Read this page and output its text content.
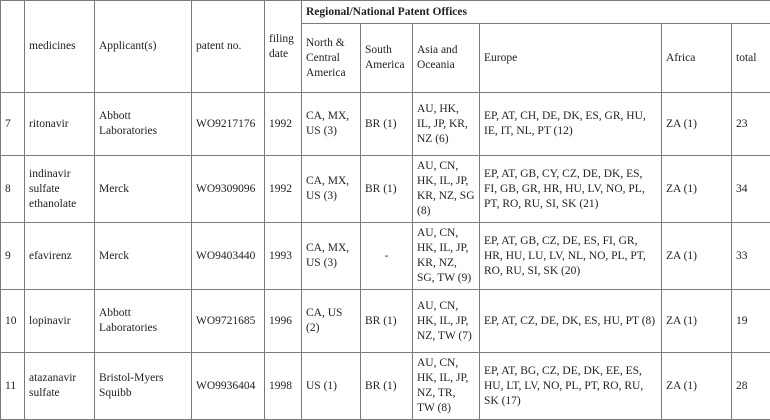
	medicines	Applicant(s)	patent no.	filing date	Regional/National Patent Offices					
					North & Central America	South America	Asia and Oceania	Europe	Africa	total
7	ritonavir	Abbott Laboratories	WO9217176	1992	CA, MX, US (3)	BR (1)	AU, HK, IL, JP, KR, NZ (6)	EP, AT, CH, DE, DK, ES, GR, HU, IE, IT, NL, PT (12)	ZA (1)	23
8	indinavir sulfate ethanolate	Merck	WO9309096	1992	CA, MX, US (3)	BR (1)	AU, CN, HK, IL, JP, KR, NZ, SG (8)	EP, AT, GB, CY, CZ, DE, DK, ES, FI, GB, GR, HR, HU, LV, NO, PL, PT, RO, RU, SI, SK (21)	ZA (1)	34
9	efavirenz	Merck	WO9403440	1993	CA, MX, US (3)	-	AU, CN, HK, IL, JP, KR, NZ, SG, TW (9)	EP, AT, GB, CZ, DE, ES, FI, GR, HR, HU, LU, LV, NL, NO, PL, PT, RO, RU, SI, SK (20)	ZA (1)	33
10	lopinavir	Abbott Laboratories	WO9721685	1996	CA, US (2)	BR (1)	AU, CN, HK, IL, JP, NZ, TW (7)	EP, AT, CZ, DE, DK, ES, HU, PT (8)	ZA (1)	19
11	atazanavir sulfate	Bristol-Myers Squibb	WO9936404	1998	US (1)	BR (1)	AU, CN, HK, IL, JP, NZ, TR, TW (8)	EP, AT, BG, CZ, DE, DK, EE, ES, HU, LT, LV, NO, PL, PT, RO, RU, SK (17)	ZA (1)	28
